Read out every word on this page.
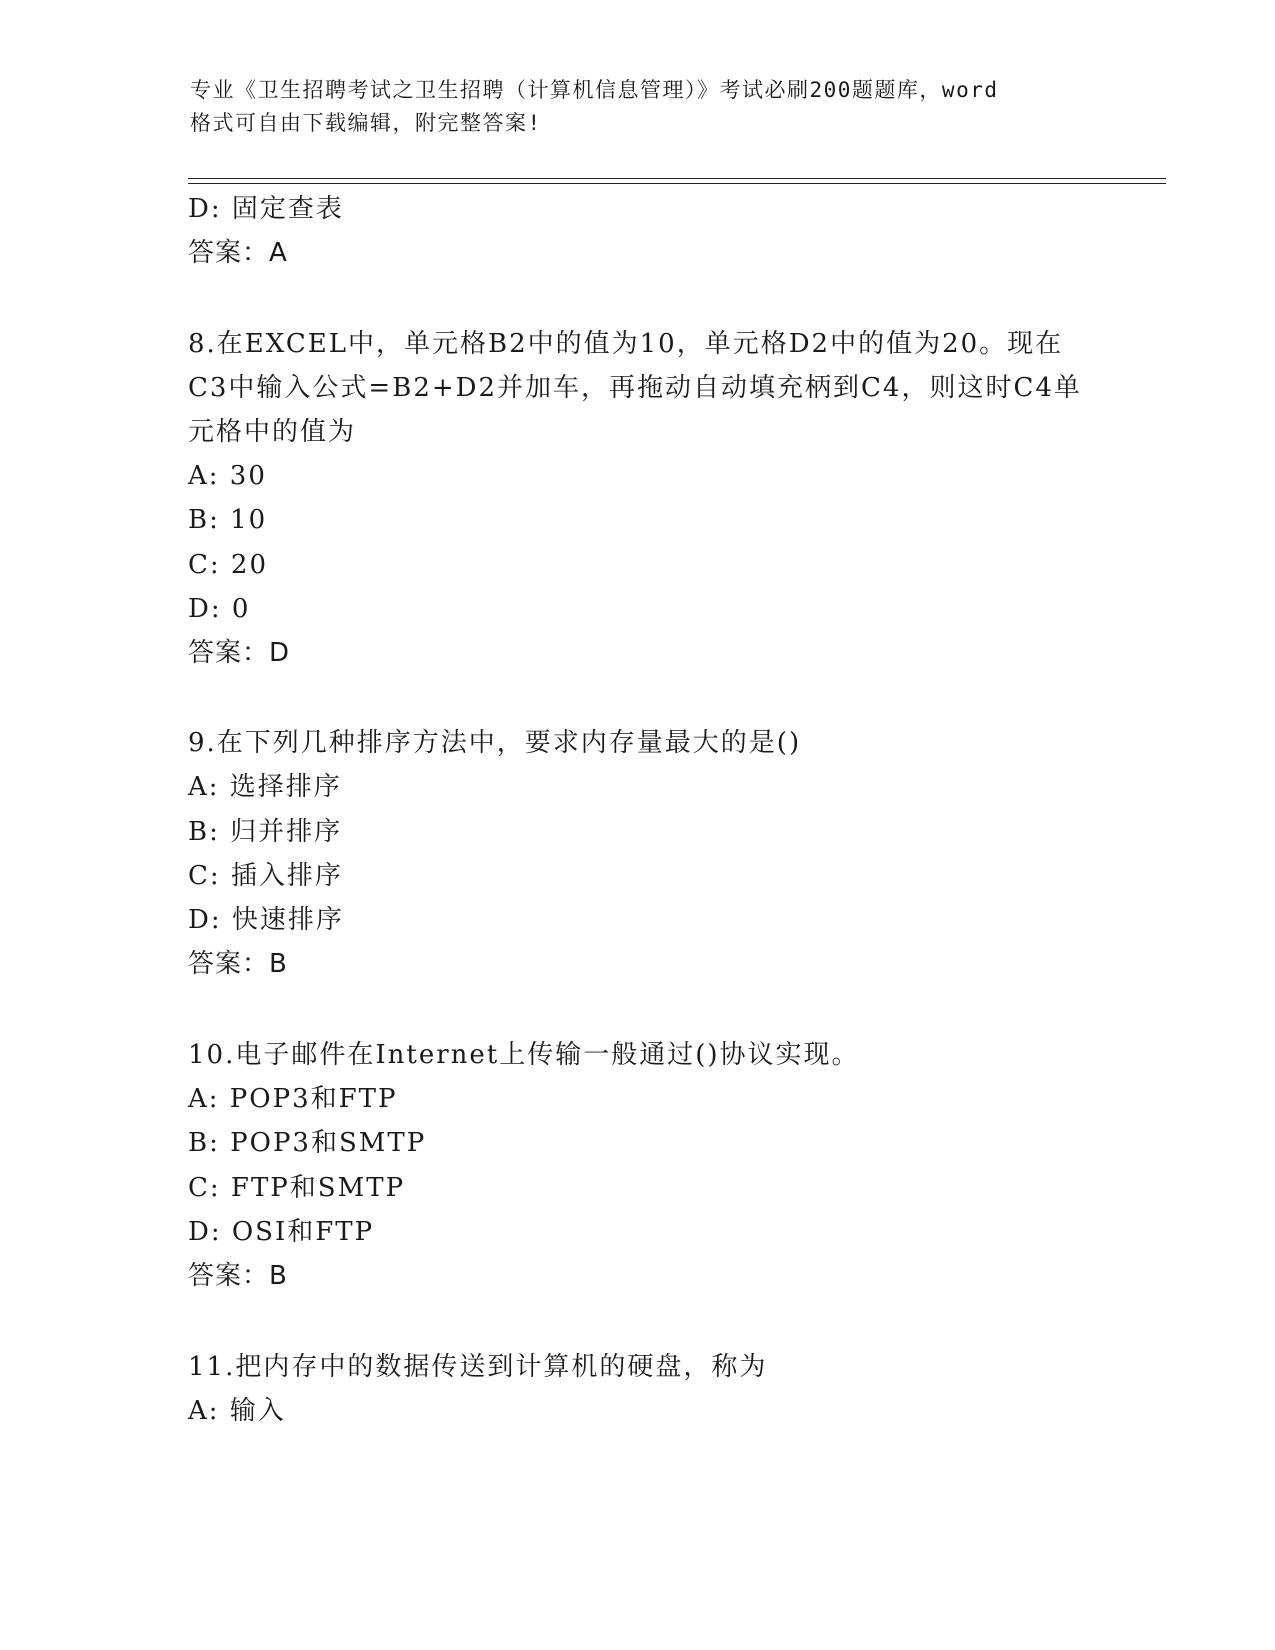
专业《卫生招聘考试之卫生招聘（计算机信息管理）》考试必刷200题题库，word
格式可自由下载编辑，附完整答案!
D: 固定查表
答案：A
8.在EXCEL中，单元格B2中的值为10，单元格D2中的值为20。现在
C3中输入公式=B2+D2并加车，再拖动自动填充柄到C4，则这时C4单
元格中的值为
A: 30
B: 10
C: 20
D: 0
答案：D
9.在下列几种排序方法中，要求内存量最大的是()
A: 选择排序
B: 归并排序
C: 插入排序
D: 快速排序
答案：B
10.电子邮件在Internet上传输一般通过()协议实现。
A: POP3和FTP
B: POP3和SMTP
C: FTP和SMTP
D: OSI和FTP
答案：B
11.把内存中的数据传送到计算机的硬盘，称为
A: 输入
